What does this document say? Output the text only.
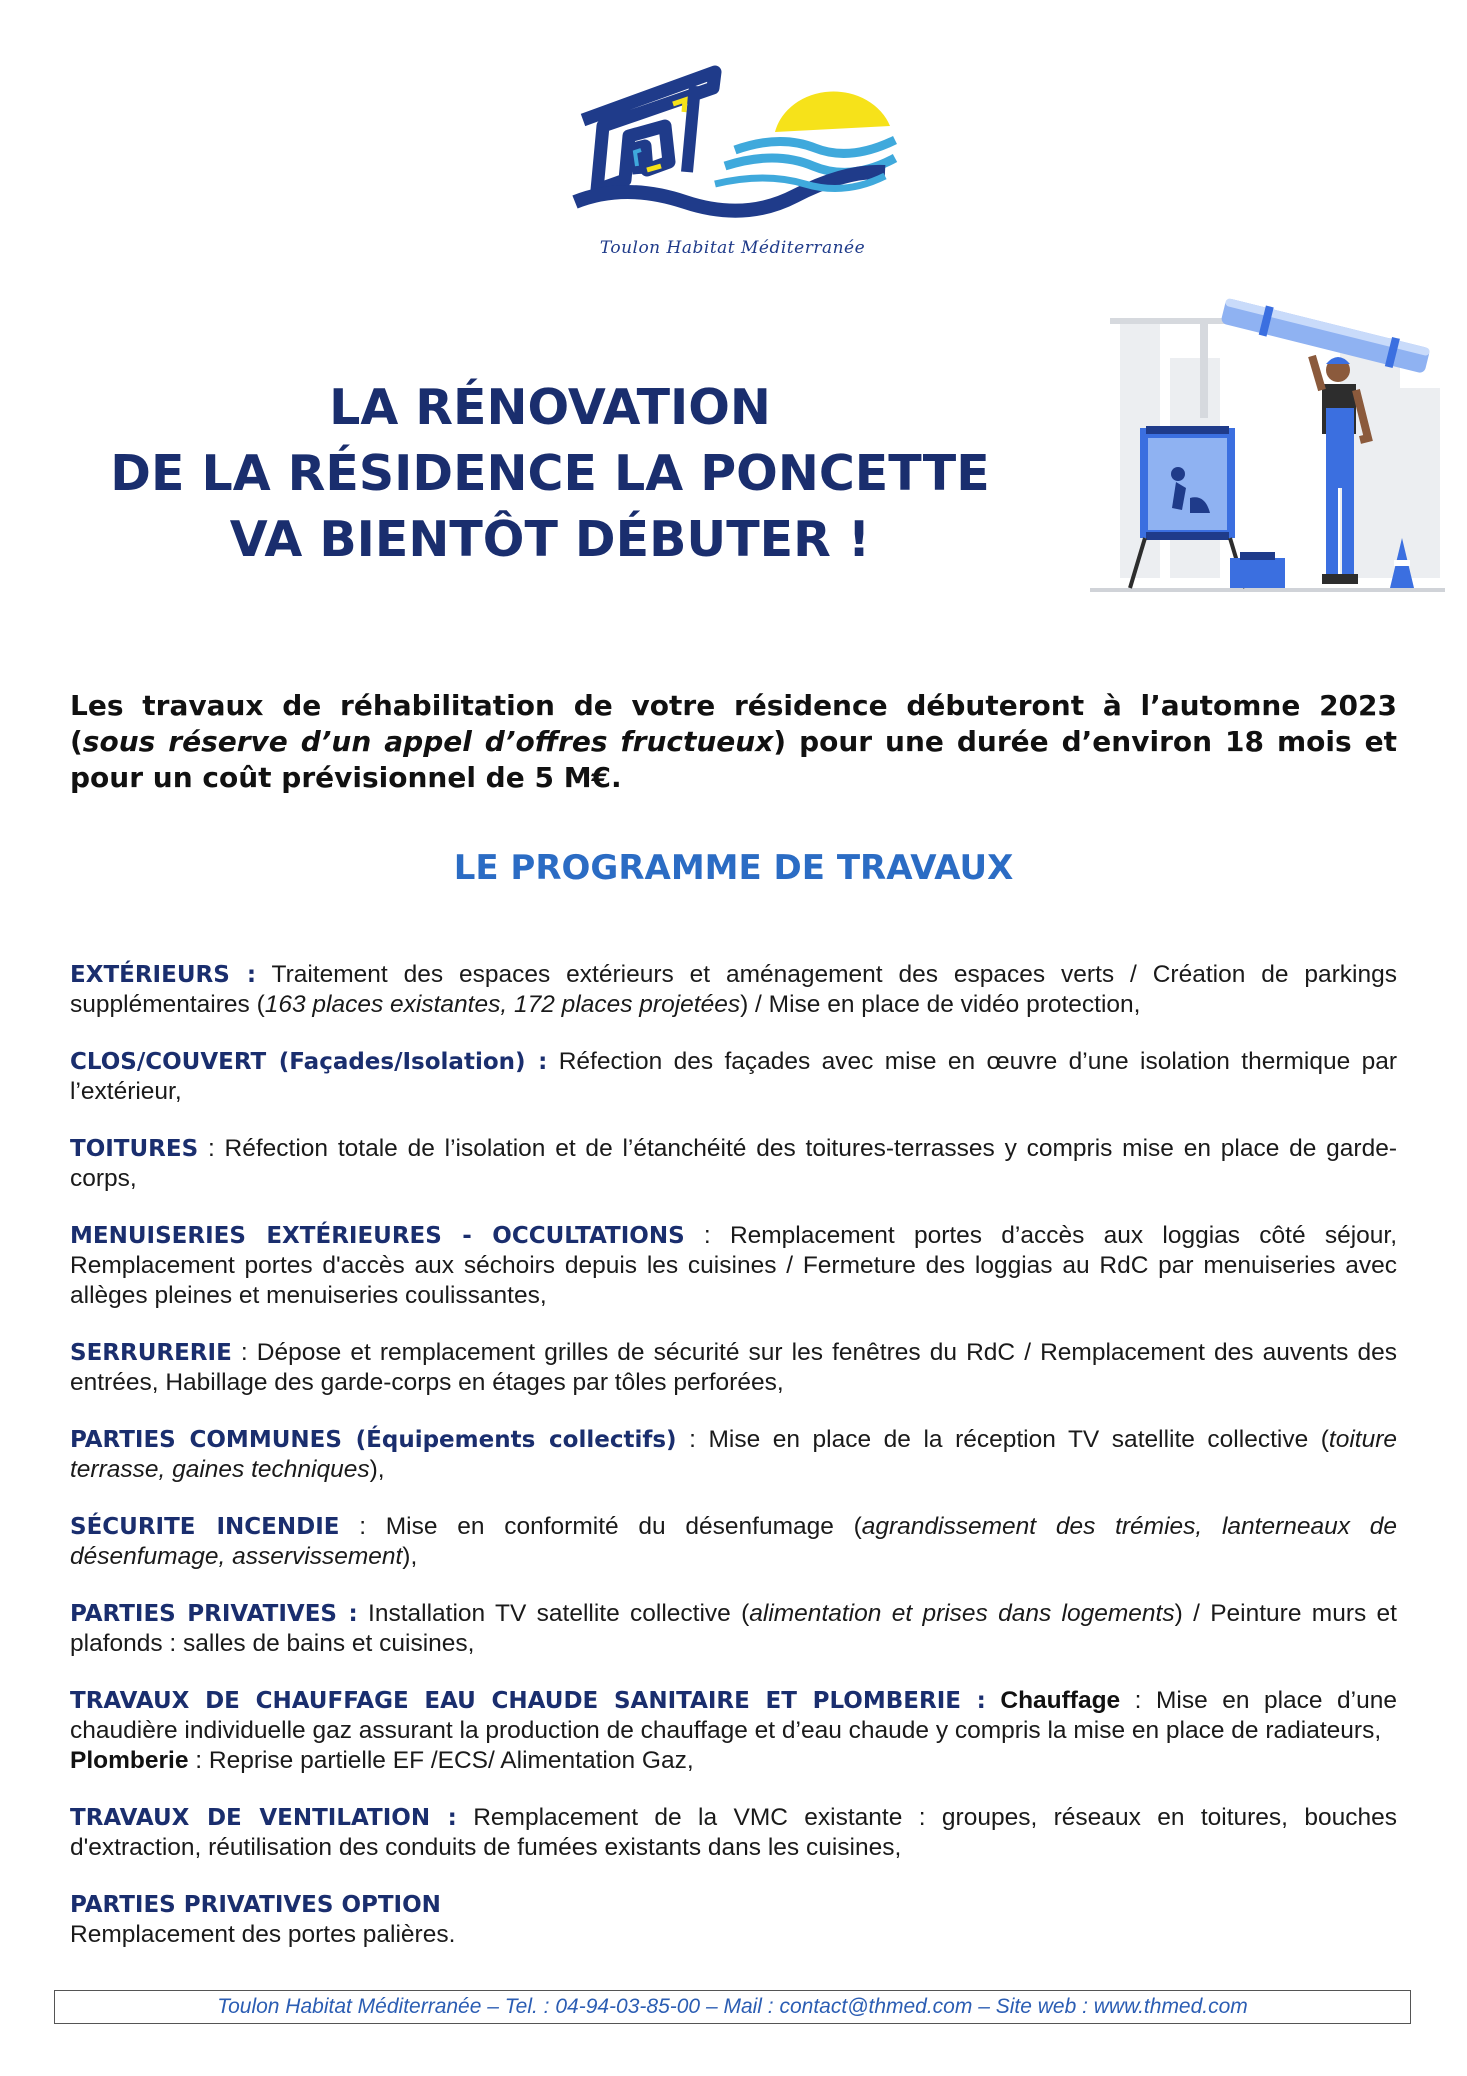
Toulon Habitat Méditerranée
LA RÉNOVATION
DE LA RÉSIDENCE LA PONCETTE
VA BIENTÔT DÉBUTER !
Les travaux de réhabilitation de votre résidence débuteront à l’automne 2023 (sous réserve d’un appel d’offres fructueux) pour une durée d’environ 18 mois et pour un coût prévisionnel de 5 M€.
LE PROGRAMME DE TRAVAUX
EXTÉRIEURS : Traitement des espaces extérieurs et aménagement des espaces verts / Création de parkings supplémentaires (163 places existantes, 172 places projetées) / Mise en place de vidéo protection,
CLOS/COUVERT (Façades/Isolation) : Réfection des façades avec mise en œuvre d’une isolation thermique par l’extérieur,
TOITURES : Réfection totale de l’isolation et de l’étanchéité des toitures-terrasses y compris mise en place de garde-corps,
MENUISERIES EXTÉRIEURES - OCCULTATIONS : Remplacement portes d’accès aux loggias côté séjour, Remplacement portes d'accès aux séchoirs depuis les cuisines / Fermeture des loggias au RdC par menuiseries avec allèges pleines et menuiseries coulissantes,
SERRURERIE : Dépose et remplacement grilles de sécurité sur les fenêtres du RdC / Remplacement des auvents des entrées, Habillage des garde-corps en étages par tôles perforées,
PARTIES COMMUNES (Équipements collectifs) : Mise en place de la réception TV satellite collective (toiture terrasse, gaines techniques),
SÉCURITE INCENDIE : Mise en conformité du désenfumage (agrandissement des trémies, lanterneaux de désenfumage, asservissement),
PARTIES PRIVATIVES : Installation TV satellite collective (alimentation et prises dans logements) / Peinture murs et plafonds : salles de bains et cuisines,
TRAVAUX DE CHAUFFAGE EAU CHAUDE SANITAIRE ET PLOMBERIE : Chauffage : Mise en place d’une chaudière individuelle gaz assurant la production de chauffage et d’eau chaude y compris la mise en place de radiateurs,
Plomberie : Reprise partielle EF /ECS/ Alimentation Gaz,
TRAVAUX DE VENTILATION : Remplacement de la VMC existante : groupes, réseaux en toitures, bouches d'extraction, réutilisation des conduits de fumées existants dans les cuisines,
PARTIES PRIVATIVES OPTION
Remplacement des portes palières.
Toulon Habitat Méditerranée – Tel. : 04-94-03-85-00 – Mail : contact@thmed.com – Site web : www.thmed.com
